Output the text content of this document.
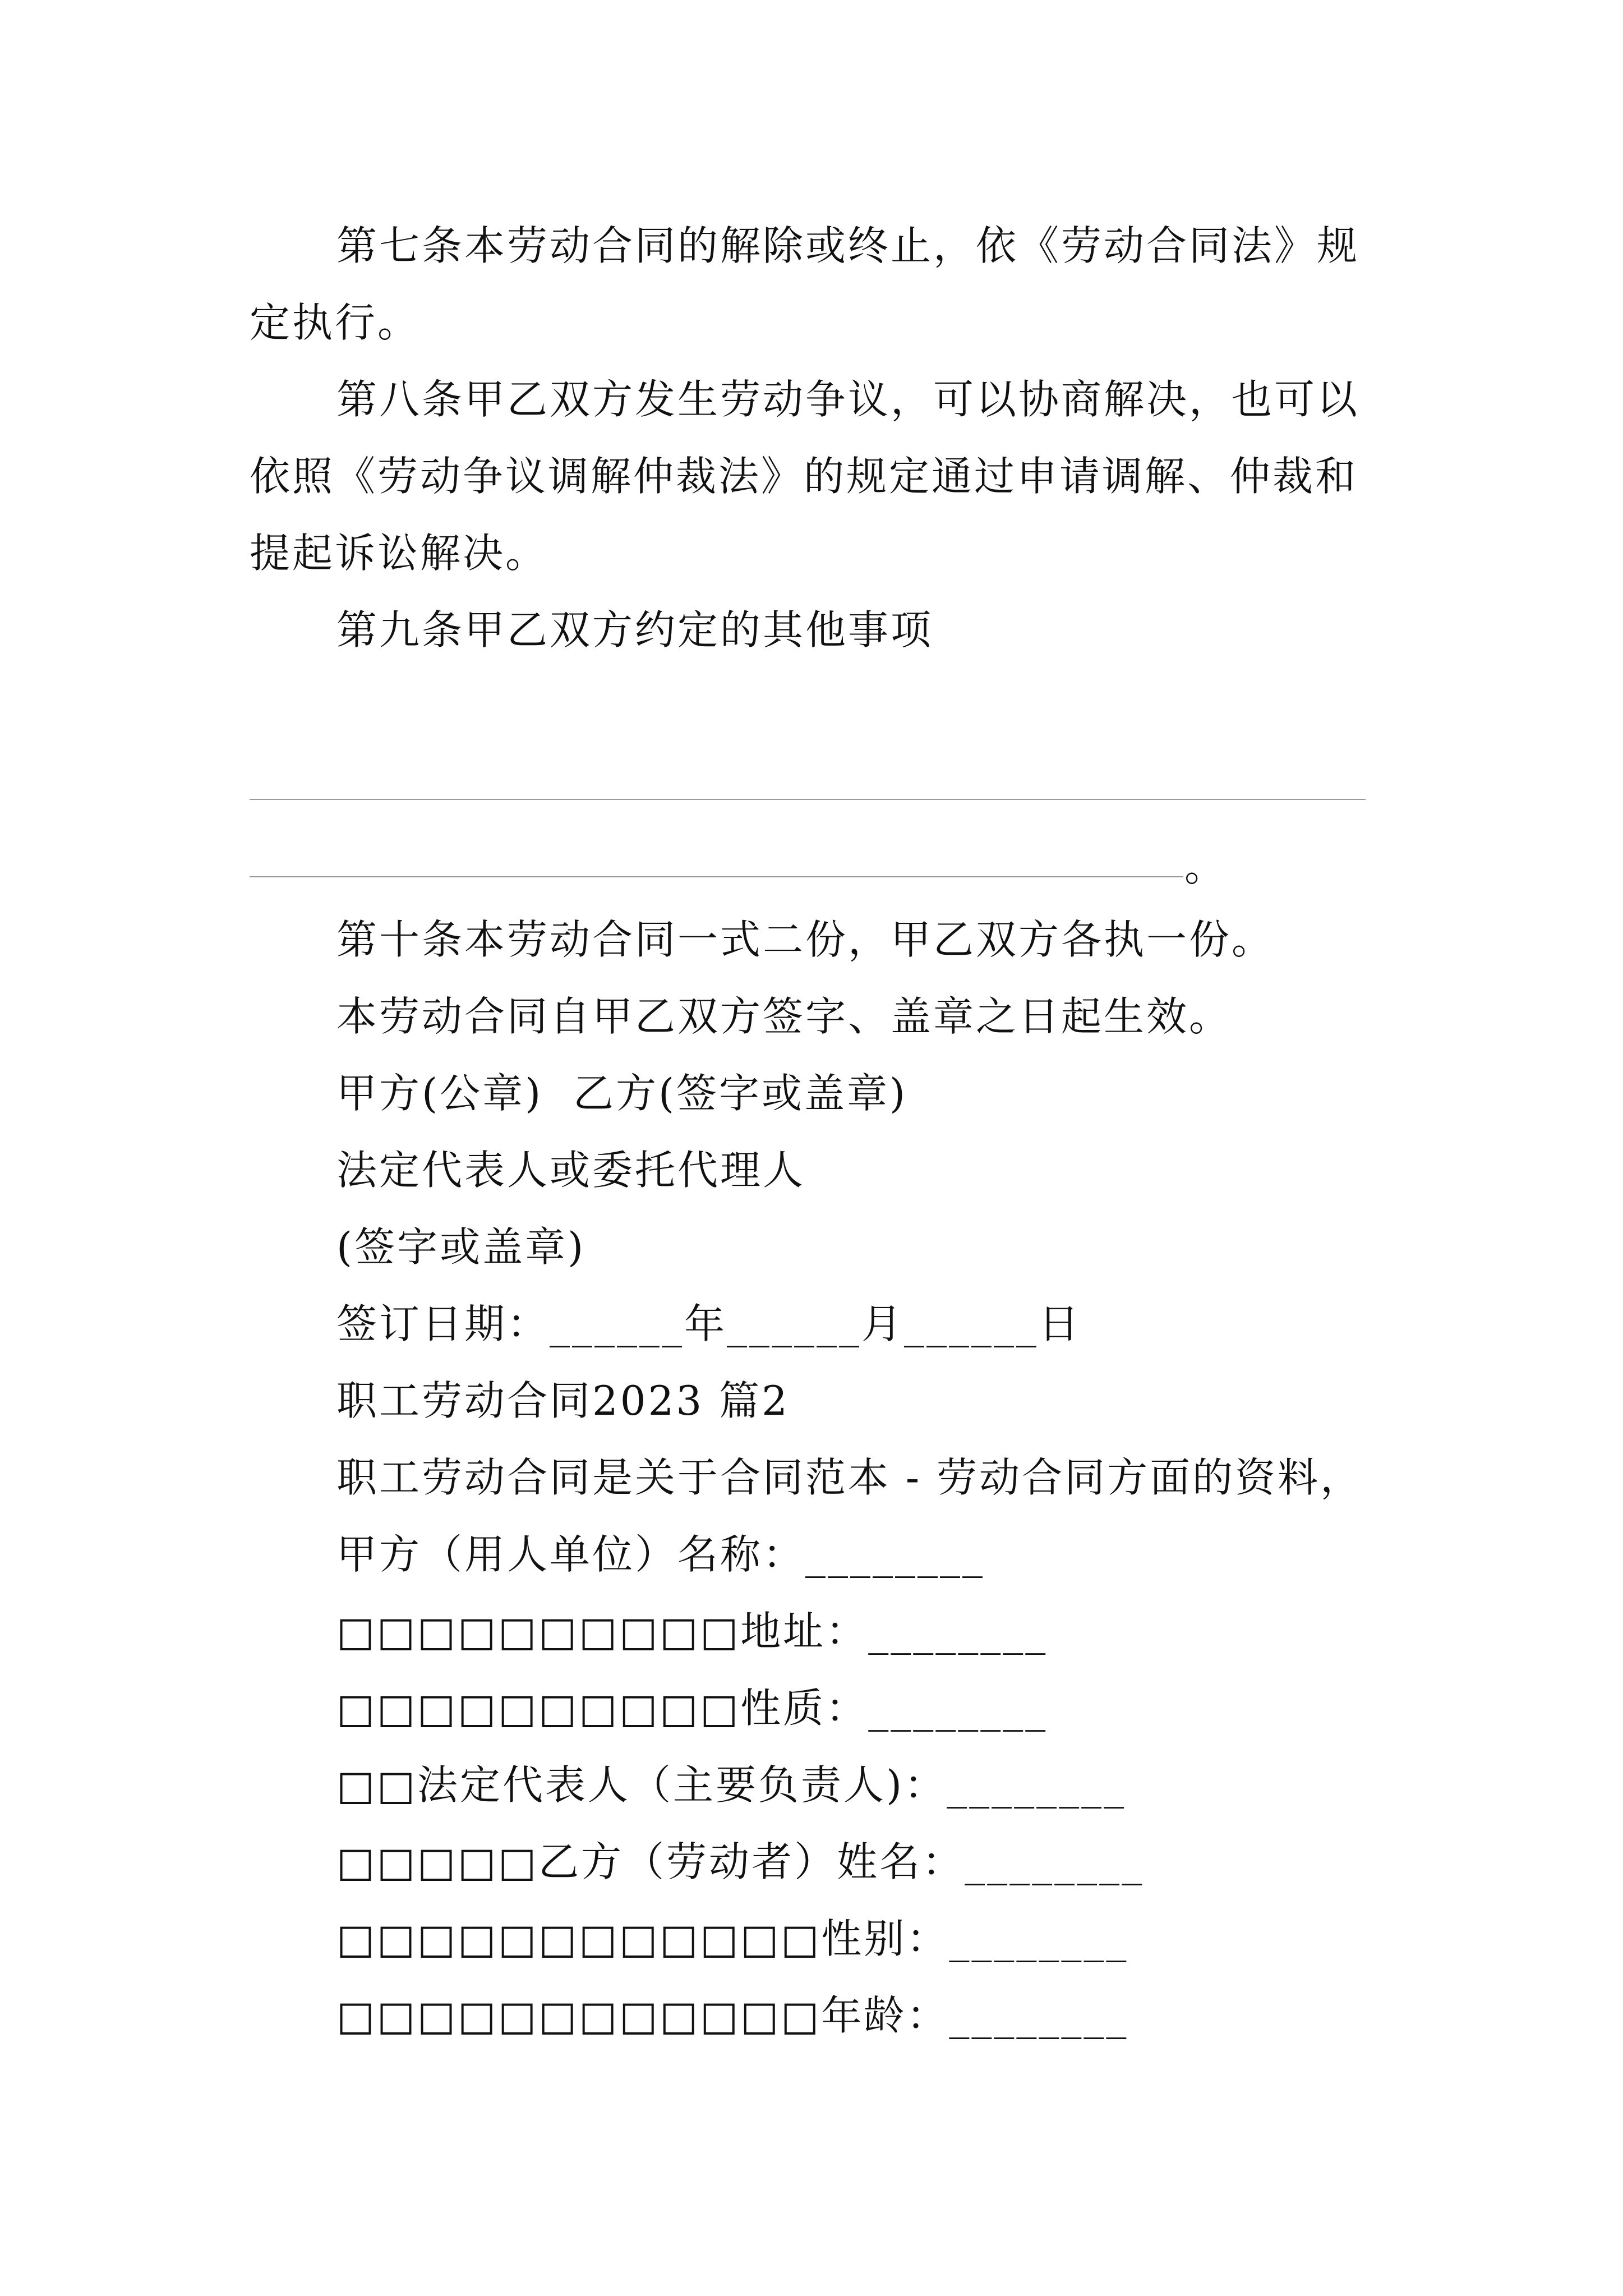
第七条本劳动合同的解除或终止，依《劳动合同法》规
定执行。
第八条甲乙双方发生劳动争议，可以协商解决，也可以
依照《劳动争议调解仲裁法》的规定通过申请调解、仲裁和
提起诉讼解决。
第九条甲乙双方约定的其他事项
。
第十条本劳动合同一式二份，甲乙双方各执一份。
本劳动合同自甲乙双方签字、盖章之日起生效。
甲方(公章)  乙方(签字或盖章)
法定代表人或委托代理人
(签字或盖章)
签订日期：______年______月______日
职工劳动合同2023 篇2
职工劳动合同是关于合同范本 - 劳动合同方面的资料，
甲方（用人单位）名称：________
□□□□□□□□□□地址：________
□□□□□□□□□□性质：________
□□法定代表人（主要负责人)：________
□□□□□乙方（劳动者）姓名：________
□□□□□□□□□□□□性别：________
□□□□□□□□□□□□年龄：________
